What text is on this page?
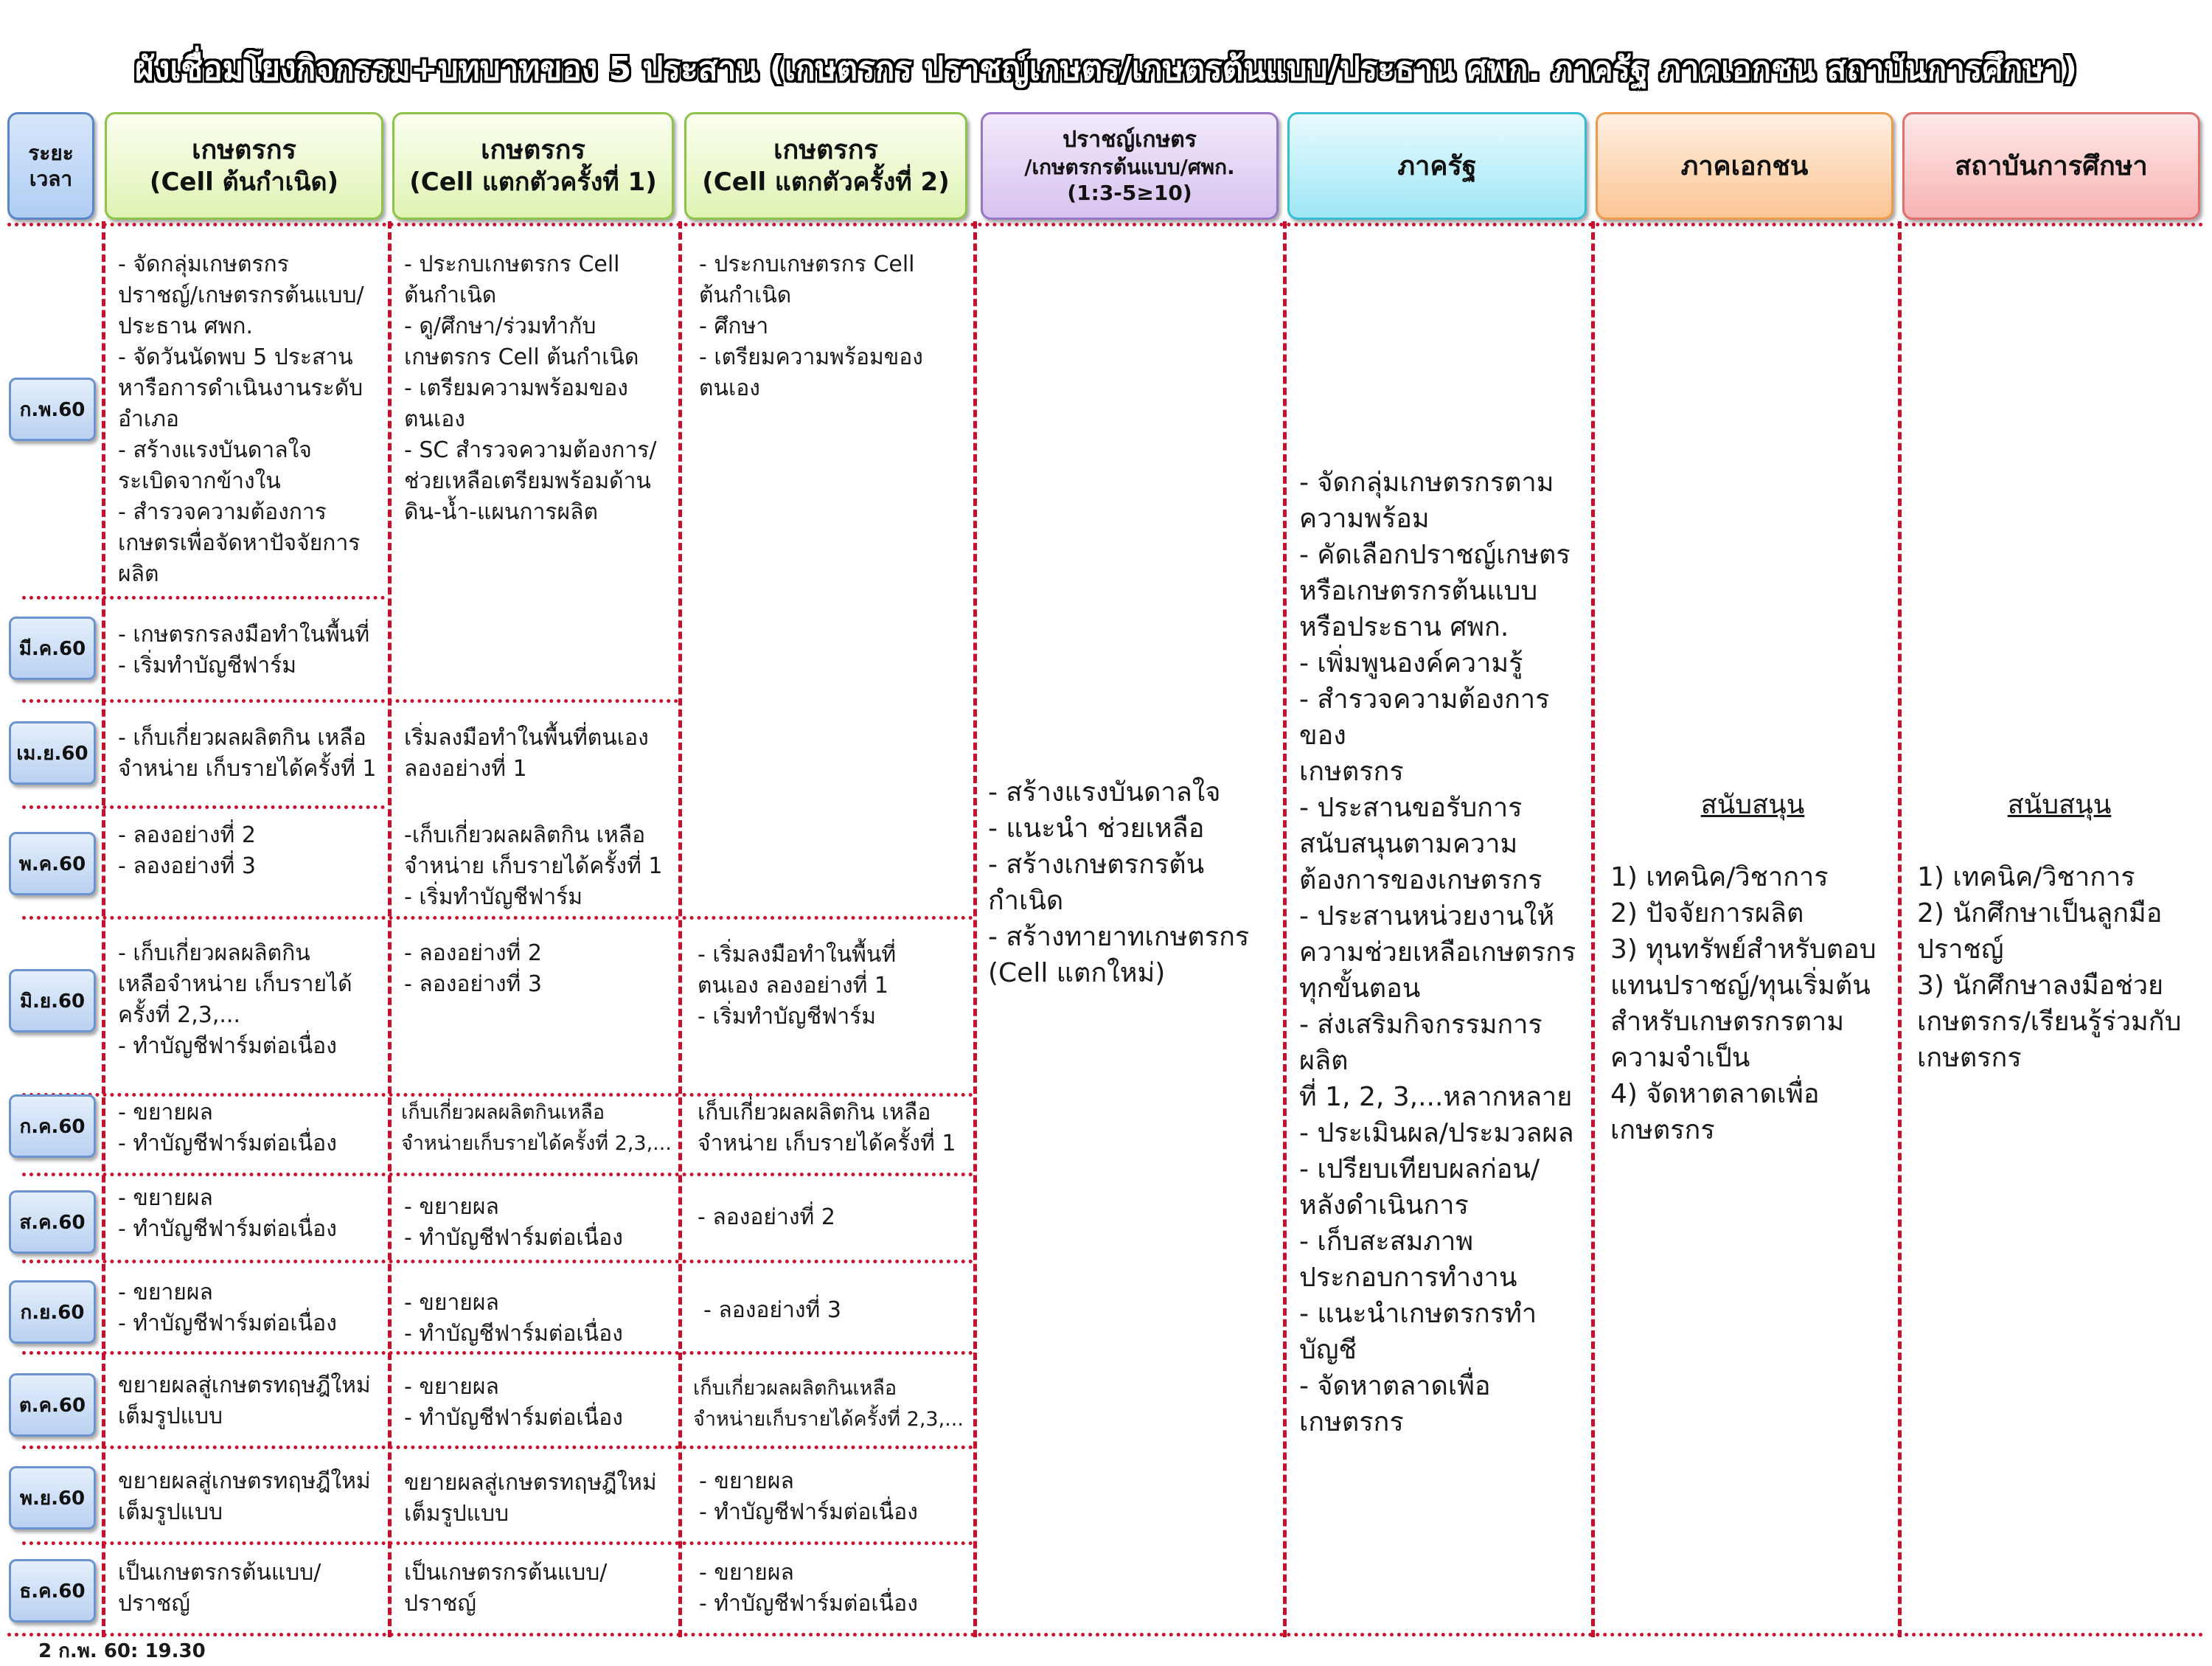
ผังเชื่อมโยงกิจกรรม+บทบาทของ 5 ประสาน (เกษตรกร ปราชญ์เกษตร/เกษตรต้นแบบ/ประธาน ศพก. ภาครัฐ ภาคเอกชน สถาบันการศึกษา)
ระยะ
เวลา
เกษตรกร
(Cell ต้นกำเนิด)
เกษตรกร
(Cell แตกตัวครั้งที่ 1)
เกษตรกร
(Cell แตกตัวครั้งที่ 2)
ปราชญ์เกษตร
/เกษตรกรต้นแบบ/ศพก.
(1:3-5≥10)
ภาครัฐ	ภาคเอกชน	สถาบันการศึกษา
ก.พ.60
มี.ค.60
เม.ย.60
พ.ค.60
มิ.ย.60
ก.ค.60
ส.ค.60
ก.ย.60
ต.ค.60
พ.ย.60
ธ.ค.60
- จัดกลุ่มเกษตรกร
ปราชญ์/เกษตรกรต้นแบบ/
ประธาน ศพก.
- จัดวันนัดพบ 5 ประสาน
หารือการดำเนินงานระดับ
อำเภอ
- สร้างแรงบันดาลใจ
ระเบิดจากข้างใน
- สำรวจความต้องการ
เกษตรเพื่อจัดหาปัจจัยการ
ผลิต
- เกษตรกรลงมือทำในพื้นที่
- เริ่มทำบัญชีฟาร์ม
- เก็บเกี่ยวผลผลิตกิน เหลือ
จำหน่าย เก็บรายได้ครั้งที่ 1
- ลองอย่างที่ 2
- ลองอย่างที่ 3
- เก็บเกี่ยวผลผลิตกิน
เหลือจำหน่าย เก็บรายได้
ครั้งที่ 2,3,...
- ทำบัญชีฟาร์มต่อเนื่อง
- ขยายผล
- ทำบัญชีฟาร์มต่อเนื่อง
- ขยายผล
- ทำบัญชีฟาร์มต่อเนื่อง
- ขยายผล
- ทำบัญชีฟาร์มต่อเนื่อง
ขยายผลสู่เกษตรทฤษฎีใหม่
เต็มรูปแบบ
ขยายผลสู่เกษตรทฤษฎีใหม่
เต็มรูปแบบ
เป็นเกษตรกรต้นแบบ/
ปราชญ์
- ประกบเกษตรกร Cell
ต้นกำเนิด
- ดู/ศึกษา/ร่วมทำกับ
เกษตรกร Cell ต้นกำเนิด
- เตรียมความพร้อมของ
ตนเอง
- SC สำรวจความต้องการ/
ช่วยเหลือเตรียมพร้อมด้าน
ดิน-น้ำ-แผนการผลิต
เริ่มลงมือทำในพื้นที่ตนเอง
ลองอย่างที่ 1
-เก็บเกี่ยวผลผลิตกิน เหลือ
จำหน่าย เก็บรายได้ครั้งที่ 1
- เริ่มทำบัญชีฟาร์ม
- ลองอย่างที่ 2
- ลองอย่างที่ 3
เก็บเกี่ยวผลผลิตกินเหลือ
จำหน่ายเก็บรายได้ครั้งที่ 2,3,...
- ขยายผล
- ทำบัญชีฟาร์มต่อเนื่อง
- ขยายผล
- ทำบัญชีฟาร์มต่อเนื่อง
- ขยายผล
- ทำบัญชีฟาร์มต่อเนื่อง
ขยายผลสู่เกษตรทฤษฎีใหม่
เต็มรูปแบบ
เป็นเกษตรกรต้นแบบ/
ปราชญ์
- ประกบเกษตรกร Cell
ต้นกำเนิด
- ศึกษา
- เตรียมความพร้อมของ
ตนเอง
- เริ่มลงมือทำในพื้นที่
ตนเอง ลองอย่างที่ 1
- เริ่มทำบัญชีฟาร์ม
เก็บเกี่ยวผลผลิตกิน เหลือ
จำหน่าย เก็บรายได้ครั้งที่ 1
- ลองอย่างที่ 2
- ลองอย่างที่ 3
เก็บเกี่ยวผลผลิตกินเหลือ
จำหน่ายเก็บรายได้ครั้งที่ 2,3,...
- ขยายผล
- ทำบัญชีฟาร์มต่อเนื่อง
- ขยายผล
- ทำบัญชีฟาร์มต่อเนื่อง
- สร้างแรงบันดาลใจ
- แนะนำ ช่วยเหลือ
- สร้างเกษตรกรต้น
กำเนิด
- สร้างทายาทเกษตรกร
(Cell แตกใหม่)
- จัดกลุ่มเกษตรกรตาม
ความพร้อม
- คัดเลือกปราชญ์เกษตร
หรือเกษตรกรต้นแบบ
หรือประธาน ศพก.
- เพิ่มพูนองค์ความรู้
- สำรวจความต้องการของ
เกษตรกร
- ประสานขอรับการ
สนับสนุนตามความ
ต้องการของเกษตรกร
- ประสานหน่วยงานให้
ความช่วยเหลือเกษตรกร
ทุกขั้นตอน
- ส่งเสริมกิจกรรมการผลิต
ที่ 1, 2, 3,...หลากหลาย
- ประเมินผล/ประมวลผล
- เปรียบเทียบผลก่อน/
หลังดำเนินการ
- เก็บสะสมภาพ
ประกอบการทำงาน
- แนะนำเกษตรกรทำ
บัญชี
- จัดหาตลาดเพื่อ
เกษตรกร

สนับสนุน

1) เทคนิค/วิชาการ
2) ปัจจัยการผลิต
3) ทุนทรัพย์สำหรับตอบ
แทนปราชญ์/ทุนเริ่มต้น
สำหรับเกษตรกรตาม
ความจำเป็น
4) จัดหาตลาดเพื่อ
เกษตรกร

สนับสนุน

1) เทคนิค/วิชาการ
2) นักศึกษาเป็นลูกมือ
ปราชญ์
3) นักศึกษาลงมือช่วย
เกษตรกร/เรียนรู้ร่วมกับ
เกษตรกร

2 ก.พ. 60: 19.30
